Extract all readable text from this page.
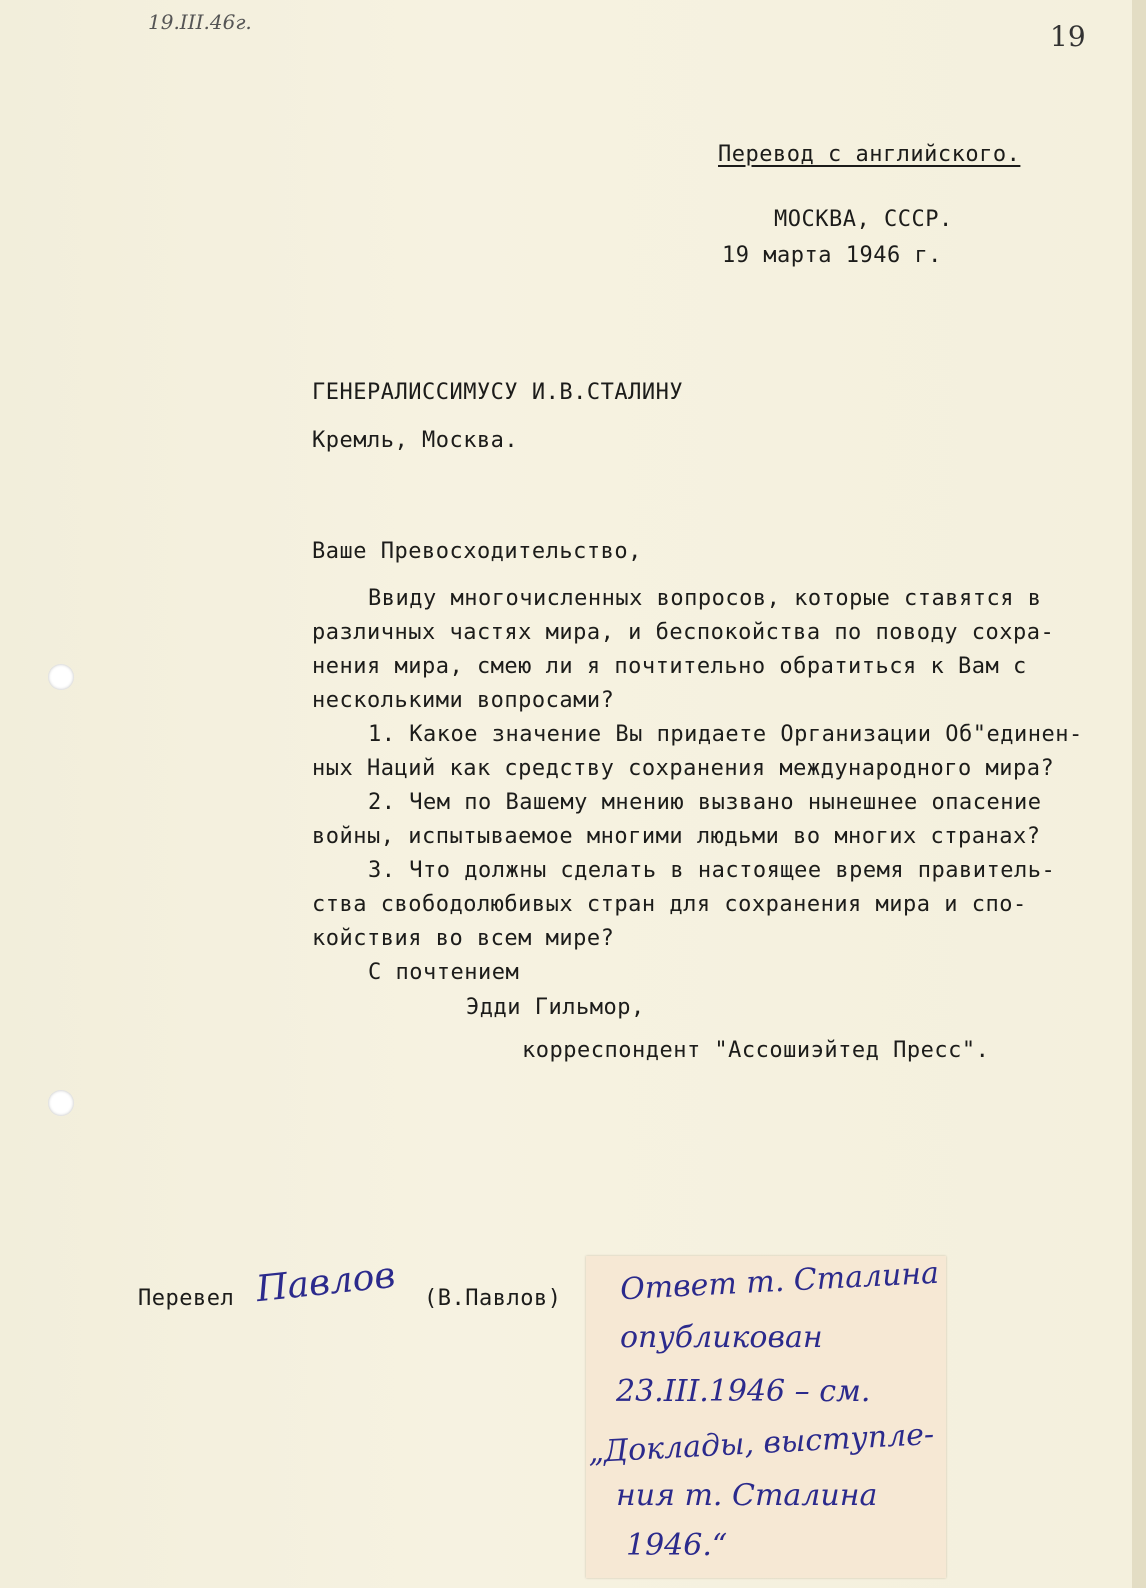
19.III.46г.	19
Перевод с английского.
МОСКВА, СССР.
19 марта 1946 г.
ГЕНЕРАЛИССИМУСУ И.В.СТАЛИНУ
Кремль, Москва.
Ваше Превосходительство,
Ввиду многочисленных вопросов, которые ставятся в
различных частях мира, и беспокойства по поводу сохра-
нения мира, смею ли я почтительно обратиться к Вам с
несколькими вопросами?
1. Какое значение Вы придаете Организации Об"единен-
ных Наций как средству сохранения международного мира?
2. Чем по Вашему мнению вызвано нынешнее опасение
войны, испытываемое многими людьми во многих странах?
3. Что должны сделать в настоящее время правитель-
ства свободолюбивых стран для сохранения мира и спо-
койствия во всем мире?
С почтением
Эдди Гильмор,
корреспондент "Ассошиэйтед Пресс".
Перевел Павлов (В.Павлов) Ответ т. Сталина
опубликован
23.III.1946 – см.
„Доклады, выступле-
ния т. Сталина
1946.“
